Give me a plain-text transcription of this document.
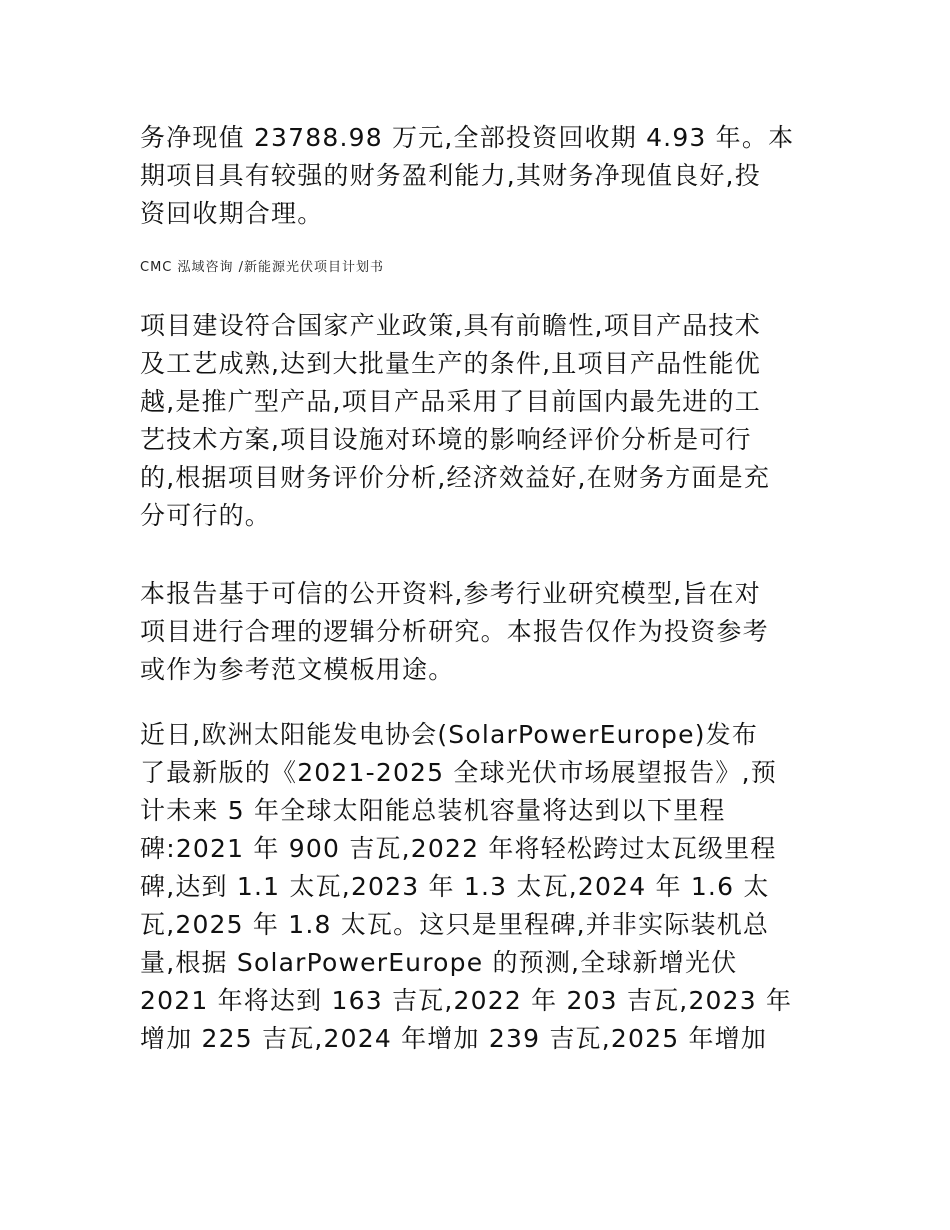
务净现值 23788.98 万元,全部投资回收期 4.93 年。本
期项目具有较强的财务盈利能力,其财务净现值良好,投
资回收期合理。
CMC 泓域咨询 /新能源光伏项目计划书
项目建设符合国家产业政策,具有前瞻性,项目产品技术
及工艺成熟,达到大批量生产的条件,且项目产品性能优
越,是推广型产品,项目产品采用了目前国内最先进的工
艺技术方案,项目设施对环境的影响经评价分析是可行
的,根据项目财务评价分析,经济效益好,在财务方面是充
分可行的。
本报告基于可信的公开资料,参考行业研究模型,旨在对
项目进行合理的逻辑分析研究。本报告仅作为投资参考
或作为参考范文模板用途。
近日,欧洲太阳能发电协会(SolarPowerEurope)发布
了最新版的《2021-2025 全球光伏市场展望报告》,预
计未来 5 年全球太阳能总装机容量将达到以下里程
碑:2021 年 900 吉瓦,2022 年将轻松跨过太瓦级里程
碑,达到 1.1 太瓦,2023 年 1.3 太瓦,2024 年 1.6 太
瓦,2025 年 1.8 太瓦。这只是里程碑,并非实际装机总
量,根据 SolarPowerEurope 的预测,全球新增光伏
2021 年将达到 163 吉瓦,2022 年 203 吉瓦,2023 年
增加 225 吉瓦,2024 年增加 239 吉瓦,2025 年增加
